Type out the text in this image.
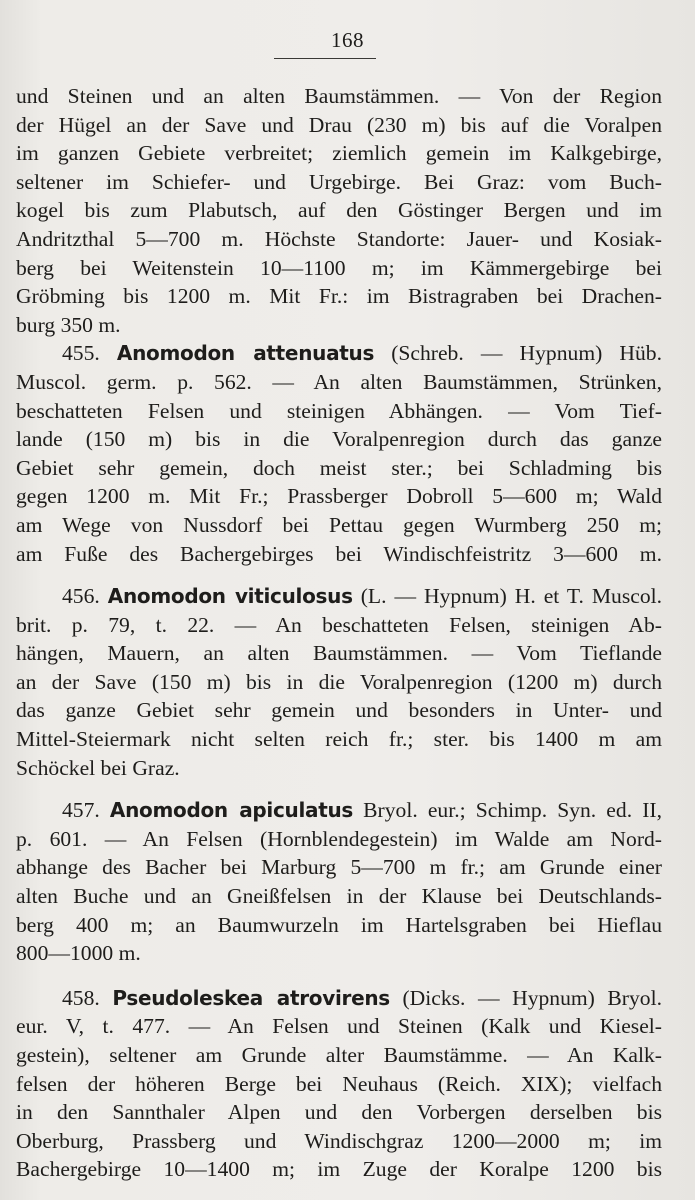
168
und Steinen und an alten Baumstämmen. — Von der Region
der Hügel an der Save und Drau (230 m) bis auf die Voralpen
im ganzen Gebiete verbreitet; ziemlich gemein im Kalkgebirge,
seltener im Schiefer- und Urgebirge. Bei Graz: vom Buch-
kogel bis zum Plabutsch, auf den Göstinger Bergen und im
Andritzthal 5—700 m. Höchste Standorte: Jauer- und Kosiak-
berg bei Weitenstein 10—1100 m; im Kämmergebirge bei
Gröbming bis 1200 m. Mit Fr.: im Bistragraben bei Drachen-
burg 350 m.
455. Anomodon attenuatus (Schreb. — Hypnum) Hüb.
Muscol. germ. p. 562. — An alten Baumstämmen, Strünken,
beschatteten Felsen und steinigen Abhängen. — Vom Tief-
lande (150 m) bis in die Voralpenregion durch das ganze
Gebiet sehr gemein, doch meist ster.; bei Schladming bis
gegen 1200 m. Mit Fr.; Prassberger Dobroll 5—600 m; Wald
am Wege von Nussdorf bei Pettau gegen Wurmberg 250 m;
am Fuße des Bachergebirges bei Windischfeistritz 3—600 m.
456. Anomodon viticulosus (L. — Hypnum) H. et T. Muscol.
brit. p. 79, t. 22. — An beschatteten Felsen, steinigen Ab-
hängen, Mauern, an alten Baumstämmen. — Vom Tieflande
an der Save (150 m) bis in die Voralpenregion (1200 m) durch
das ganze Gebiet sehr gemein und besonders in Unter- und
Mittel-Steiermark nicht selten reich fr.; ster. bis 1400 m am
Schöckel bei Graz.
457. Anomodon apiculatus Bryol. eur.; Schimp. Syn. ed. II,
p. 601. — An Felsen (Hornblendegestein) im Walde am Nord-
abhange des Bacher bei Marburg 5—700 m fr.; am Grunde einer
alten Buche und an Gneißfelsen in der Klause bei Deutschlands-
berg 400 m; an Baumwurzeln im Hartelsgraben bei Hieflau
800—1000 m.
458. Pseudoleskea atrovirens (Dicks. — Hypnum) Bryol.
eur. V, t. 477. — An Felsen und Steinen (Kalk und Kiesel-
gestein), seltener am Grunde alter Baumstämme. — An Kalk-
felsen der höheren Berge bei Neuhaus (Reich. XIX); vielfach
in den Sannthaler Alpen und den Vorbergen derselben bis
Oberburg, Prassberg und Windischgraz 1200—2000 m; im
Bachergebirge 10—1400 m; im Zuge der Koralpe 1200 bis
